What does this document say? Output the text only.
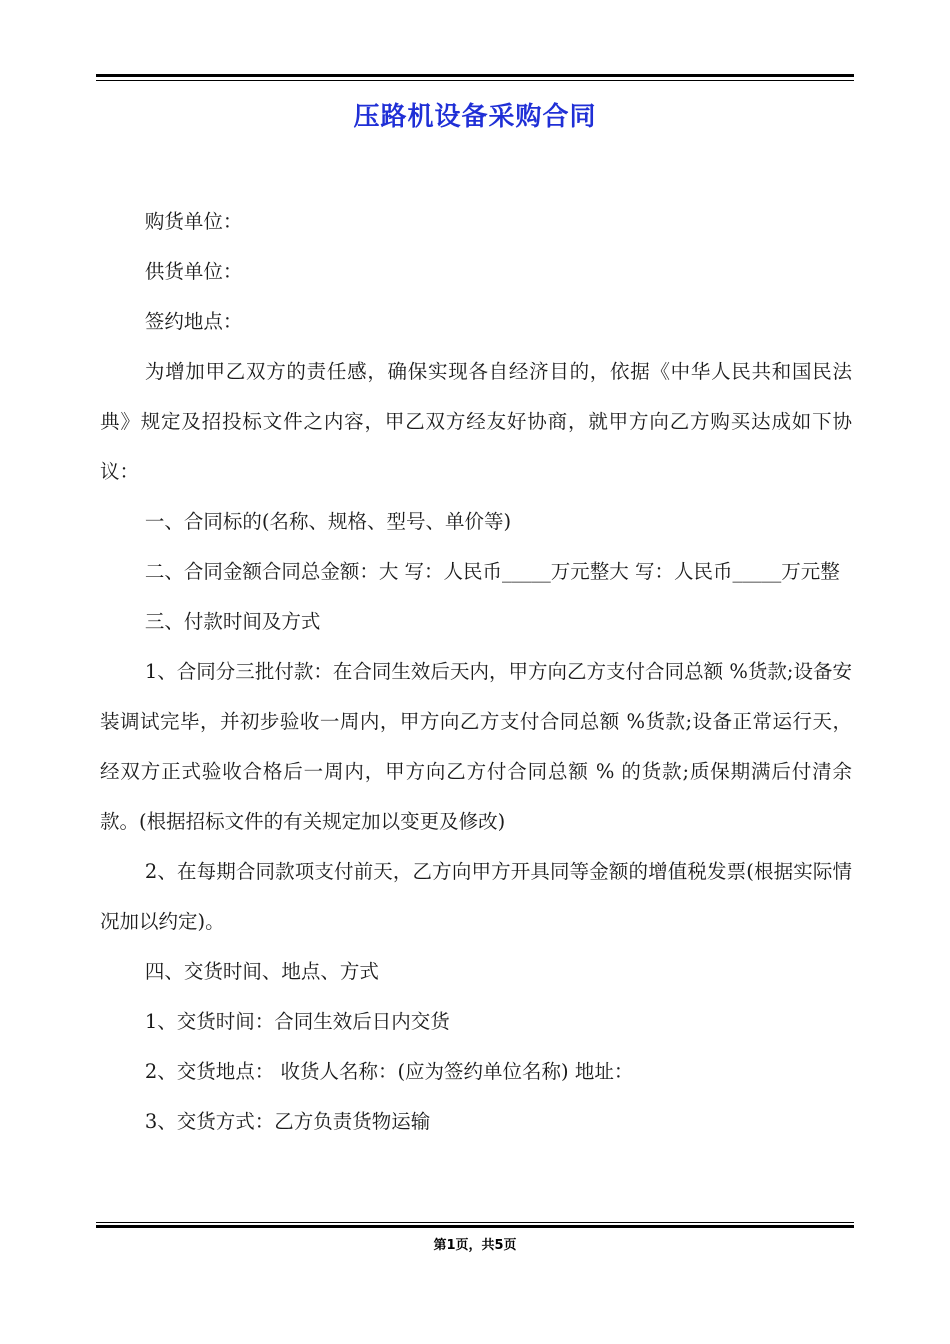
压路机设备采购合同

购货单位：

供货单位：

签约地点：

为增加甲乙双方的责任感，确保实现各自经济目的，依据《中华人民共和国民法典》规定及招投标文件之内容，甲乙双方经友好协商，就甲方向乙方购买达成如下协议：

一、合同标的(名称、规格、型号、单价等)

二、合同金额合同总金额：大 写：人民币_____万元整大 写：人民币_____万元整

三、付款时间及方式

1、合同分三批付款：在合同生效后天内，甲方向乙方支付合同总额 %货款;设备安装调试完毕，并初步验收一周内，甲方向乙方支付合同总额 %货款;设备正常运行天，经双方正式验收合格后一周内，甲方向乙方付合同总额 % 的货款;质保期满后付清余款。(根据招标文件的有关规定加以变更及修改)

2、在每期合同款项支付前天，乙方向甲方开具同等金额的增值税发票(根据实际情况加以约定)。

四、交货时间、地点、方式

1、交货时间：合同生效后日内交货

2、交货地点： 收货人名称：(应为签约单位名称) 地址：

3、交货方式：乙方负责货物运输

第1页，共5页
